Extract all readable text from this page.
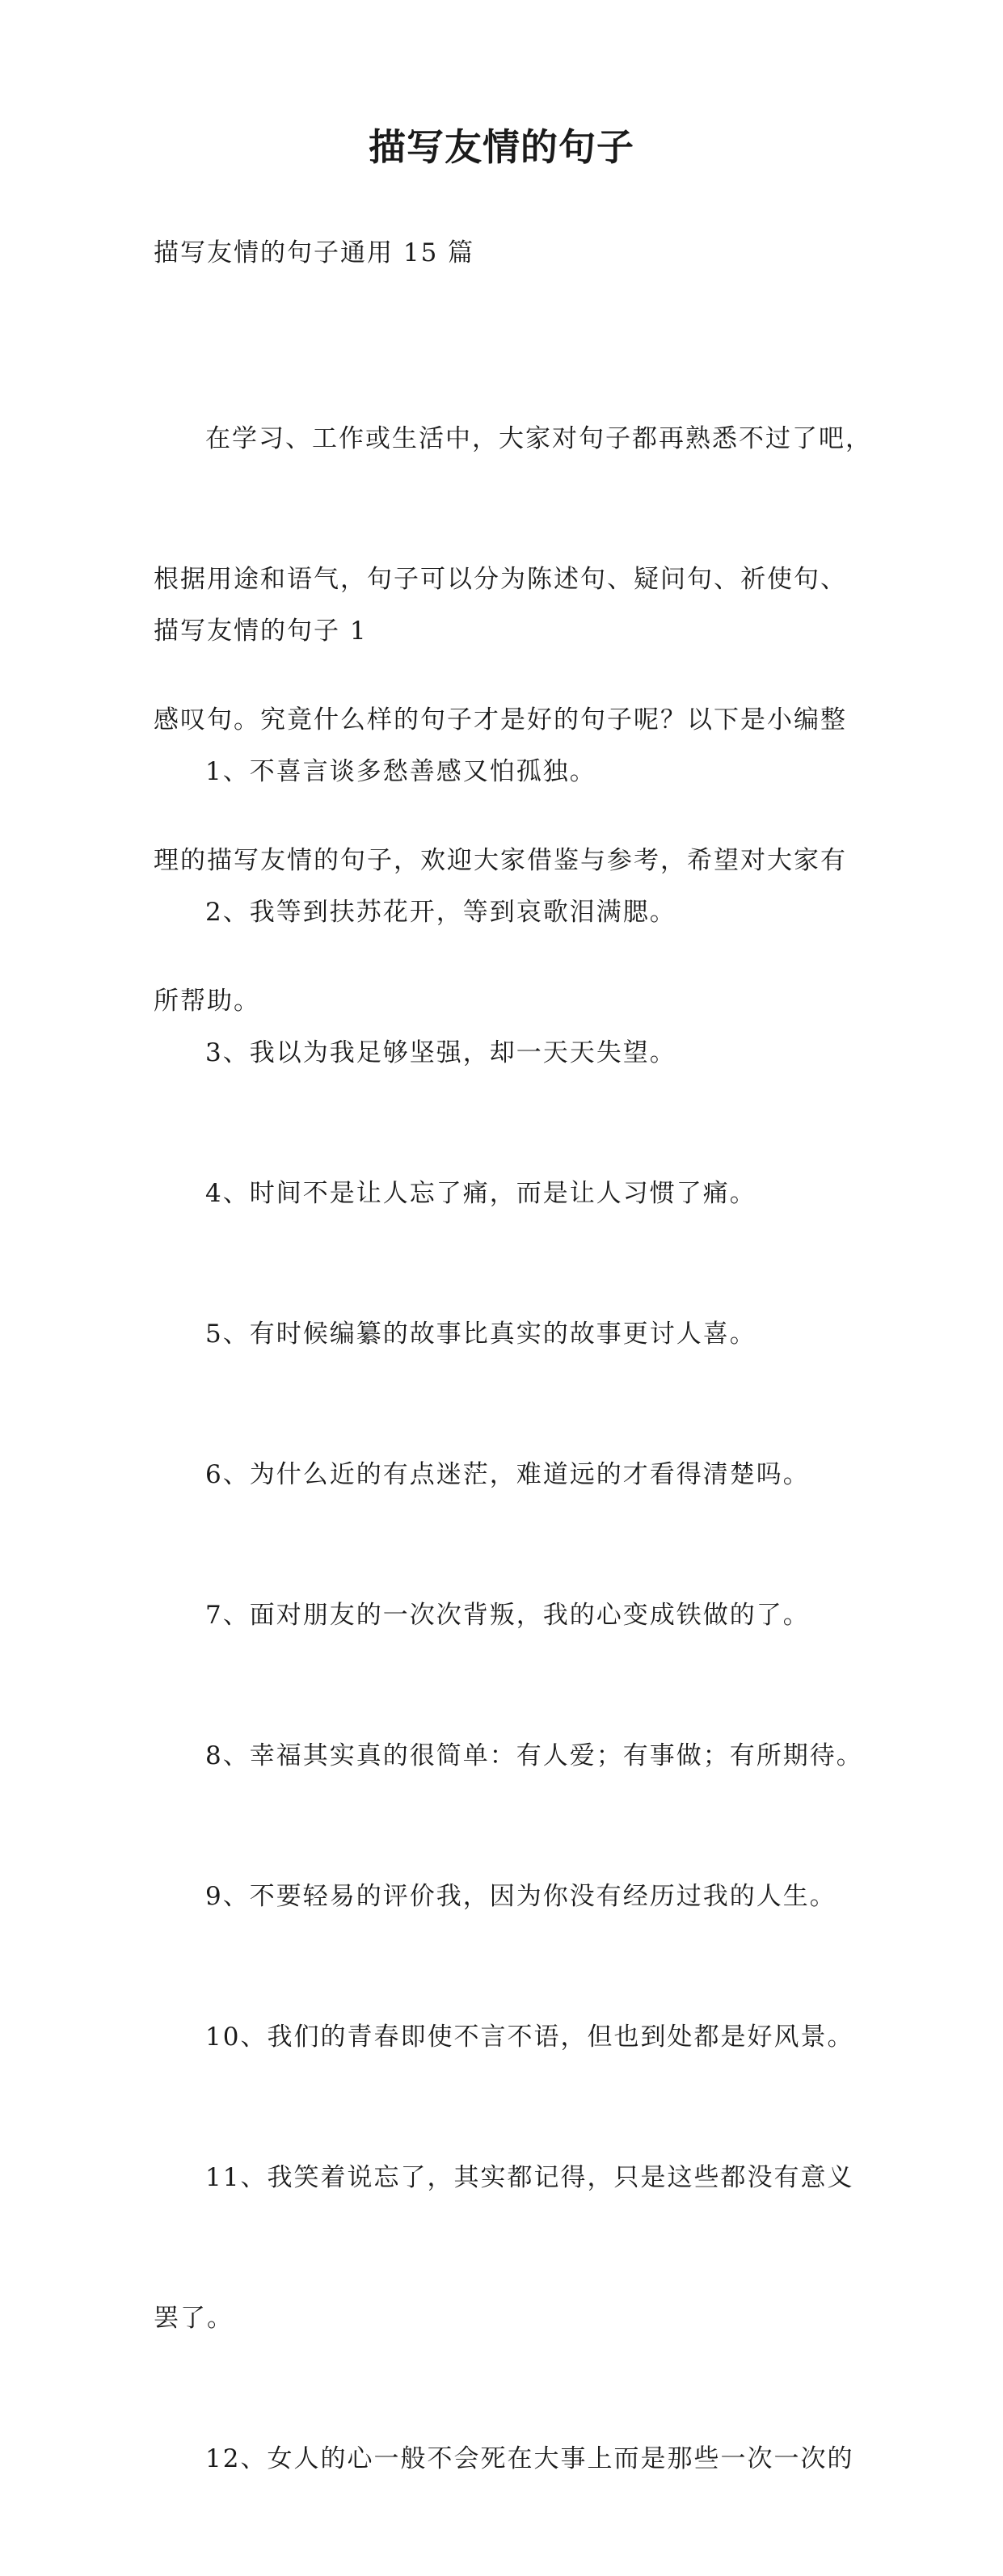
描写友情的句子
描写友情的句子通用 15 篇

在学习、工作或生活中，大家对句子都再熟悉不过了吧，

根据用途和语气，句子可以分为陈述句、疑问句、祈使句、

感叹句。究竟什么样的句子才是好的句子呢？以下是小编整

理的描写友情的句子，欢迎大家借鉴与参考，希望对大家有

所帮助。

描写友情的句子 1

1、不喜言谈多愁善感又怕孤独。

2、我等到扶苏花开，等到哀歌泪满腮。

3、我以为我足够坚强，却一天天失望。

4、时间不是让人忘了痛，而是让人习惯了痛。

5、有时候编纂的故事比真实的故事更讨人喜。

6、为什么近的有点迷茫，难道远的才看得清楚吗。

7、面对朋友的一次次背叛，我的心变成铁做的了。

8、幸福其实真的很简单：有人爱；有事做；有所期待。

9、不要轻易的评价我，因为你没有经历过我的人生。

10、我们的青春即使不言不语，但也到处都是好风景。

11、我笑着说忘了，其实都记得，只是这些都没有意义

罢了。

12、女人的心一般不会死在大事上而是那些一次一次的
